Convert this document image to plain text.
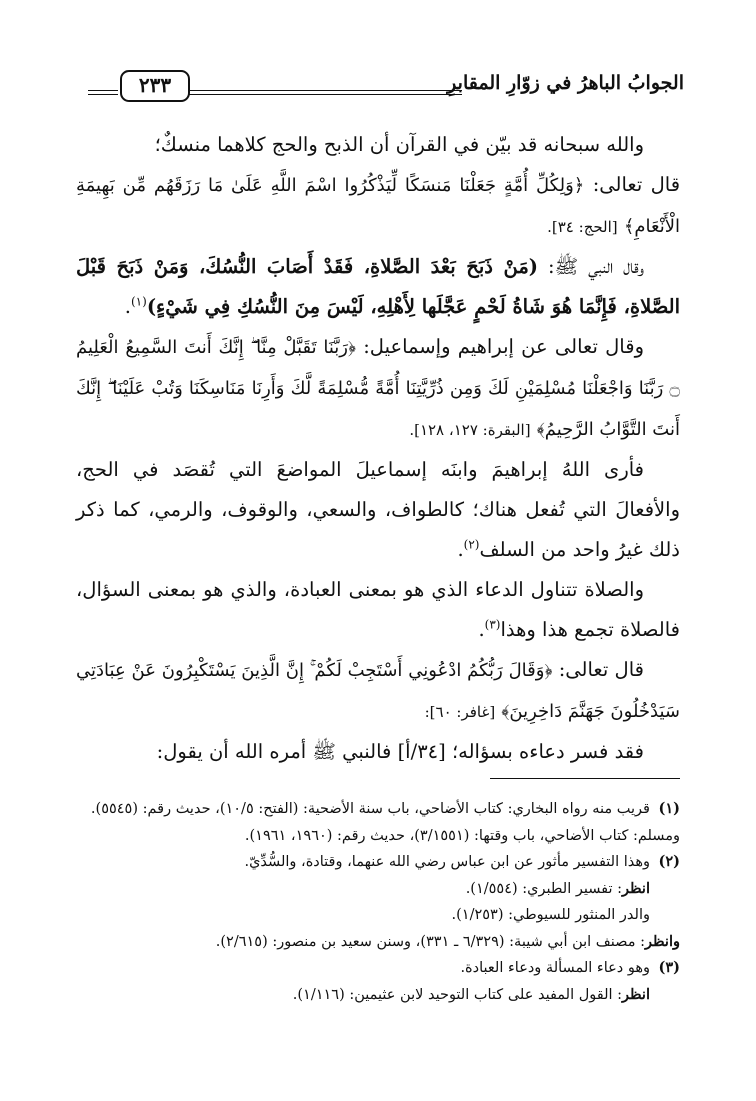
الجوابُ الباهرُ في زوّارِ المقابرِ
٢٣٣

والله سبحانه قد بيّن في القرآن أن الذبح والحج كلاهما منسكٌ؛

قال تعالى: ﴿وَلِكُلِّ أُمَّةٍ جَعَلْنَا مَنسَكًا لِّيَذْكُرُوا اسْمَ اللَّهِ عَلَىٰ مَا رَزَقَهُم مِّن بَهِيمَةِ الْأَنْعَامِ﴾ [الحج: ٣٤].

وقال النبي ﷺ: (مَنْ ذَبَحَ بَعْدَ الصَّلاةِ، فَقَدْ أَصَابَ النُّسُكَ، وَمَنْ ذَبَحَ قَبْلَ الصَّلاةِ، فَإِنَّمَا هُوَ شَاةُ لَحْمٍ عَجَّلَها لِأَهْلِهِ، لَيْسَ مِنَ النُّسُكِ فِي شَيْءٍ)$^{(١)}$.

وقال تعالى عن إبراهيم وإسماعيل: ﴿رَبَّنَا تَقَبَّلْ مِنَّا ۖ إِنَّكَ أَنتَ السَّمِيعُ الْعَلِيمُ ۝ رَبَّنَا وَاجْعَلْنَا مُسْلِمَيْنِ لَكَ وَمِن ذُرِّيَّتِنَا أُمَّةً مُّسْلِمَةً لَّكَ وَأَرِنَا مَنَاسِكَنَا وَتُبْ عَلَيْنَا ۖ إِنَّكَ أَنتَ التَّوَّابُ الرَّحِيمُ﴾ [البقرة: ١٢٧، ١٢٨].

فأرى اللهُ إبراهيمَ وابنَه إسماعيلَ المواضعَ التي تُقصَد في الحج، والأفعالَ التي تُفعل هناك؛ كالطواف، والسعي، والوقوف، والرمي، كما ذكر ذلك غيرُ واحد من السلف$^{(٢)}$.

والصلاة تتناول الدعاء الذي هو بمعنى العبادة، والذي هو بمعنى السؤال، فالصلاة تجمع هذا وهذا$^{(٣)}$.

قال تعالى: ﴿وَقَالَ رَبُّكُمُ ادْعُونِي أَسْتَجِبْ لَكُمْ ۚ إِنَّ الَّذِينَ يَسْتَكْبِرُونَ عَنْ عِبَادَتِي سَيَدْخُلُونَ جَهَنَّمَ دَاخِرِينَ﴾ [غافر: ٦٠]:

فقد فسر دعاءه بسؤاله؛ [٣٤/أ] فالنبي ﷺ أمره الله أن يقول:

(١)
قريب منه رواه البخاري: كتاب الأضاحي، باب سنة الأضحية: (الفتح: ١٠/٥)، حديث رقم: (٥٥٤٥).
ومسلم: كتاب الأضاحي، باب وقتها: (٣/١٥٥١)، حديث رقم: (١٩٦٠، ١٩٦١).
(٢)
وهذا التفسير مأثور عن ابن عباس رضي الله عنهما، وقتادة، والسُّدِّيّ.
انظر: تفسير الطبري: (١/٥٥٤).
والدر المنثور للسيوطي: (١/٢٥٣).
وانظر: مصنف ابن أبي شيبة: (٦/٣٢٩ ـ ٣٣١)، وسنن سعيد بن منصور: (٢/٦١٥).
(٣)
وهو دعاء المسألة ودعاء العبادة.
انظر: القول المفيد على كتاب التوحيد لابن عثيمين: (١/١١٦).
